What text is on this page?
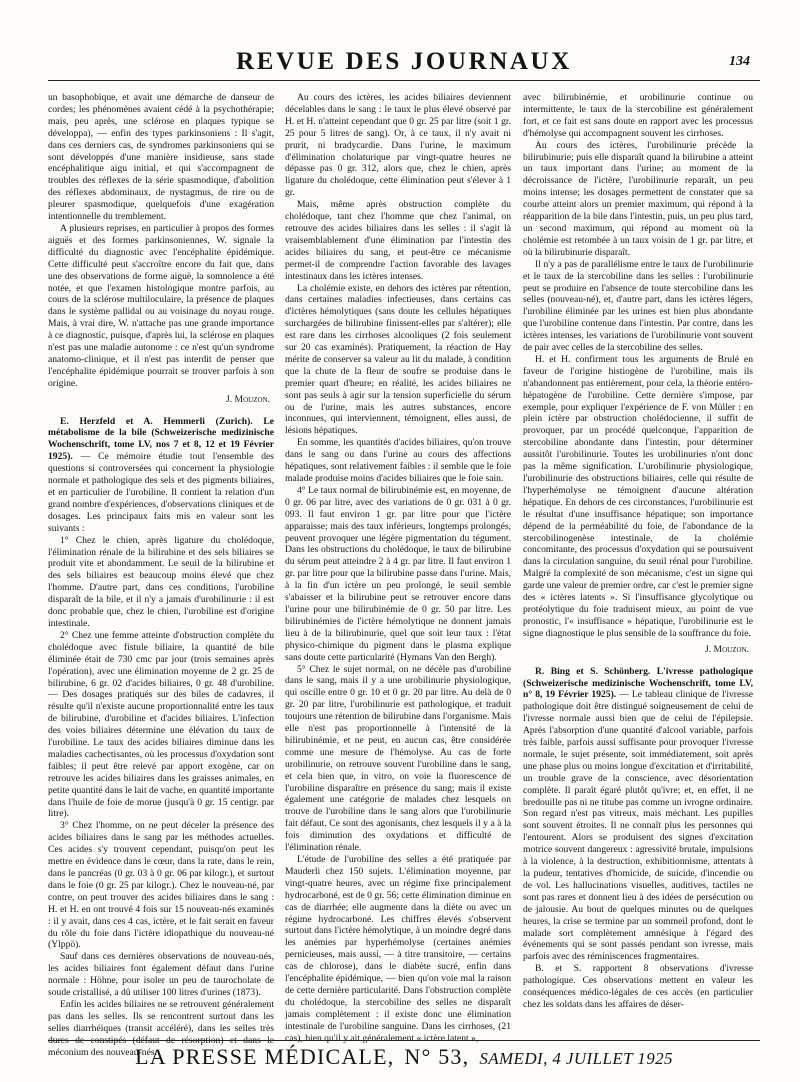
REVUE DES JOURNAUX	134

un basophobique, et avait une démarche de danseur de cordes; les phénomènes avaient cédé à la psychothérapie; mais, peu après, une sclérose en plaques typique se développa), — enfin des types parkinsoniens : Il s'agit, dans ces derniers cas, de syndromes parkinsoniens qui se sont développés d'une manière insidieuse, sans stade encéphalitique aigu initial, et qui s'accompagnent de troubles des réflexes de la série spasmodique, d'abolition des réflexes abdominaux, de nystagmus, de rire ou de pleurer spasmodique, quelquefois d'une exagération intentionnelle du tremblement.

A plusieurs reprises, en particulier à propos des formes aiguës et des formes parkinsoniennes, W. signale la difficulté du diagnostic avec l'encéphalite épidémique. Cette difficulté peut s'accroître encore du fait que, dans une des observations de forme aiguë, la somnolence a été notée, et que l'examen histologique montre parfois, au cours de la sclérose multiloculaire, la présence de plaques dans le système pallidal ou au voisinage du noyau rouge. Mais, à vrai dire, W. n'attache pas une grande importance à ce diagnostic, puisque, d'après lui, la sclérose en plaques n'est pas une maladie autonome : ce n'est qu'un syndrome anatomo-clinique, et il n'est pas interdit de penser que l'encéphalite épidémique pourrait se trouver parfois à son origine.

J. Mouzon.

E. Herzfeld et A. Hemmerli (Zurich). Le métabolisme de la bile (Schweizerische medizinische Wochenschrift, tome LV, nos 7 et 8, 12 et 19 Février 1925). — Ce mémoire étudie tout l'ensemble des questions si controversées qui concernent la physiologie normale et pathologique des sels et des pigments biliaires, et en particulier de l'urobiline. Il contient la relation d'un grand nombre d'expériences, d'observations cliniques et de dosages. Les principaux faits mis en valeur sont les suivants :

1° Chez le chien, après ligature du cholédoque, l'élimination rénale de la bilirubine et des sels biliaires se produit vite et abondamment. Le seuil de la bilirubine et des sels biliaires est beaucoup moins élevé que chez l'homme. D'autre part, dans ces conditions, l'urobiline disparaît de la bile, et il n'y a jamais d'urobilinurie : il est donc probable que, chez le chien, l'urobiline est d'origine intestinale.

2° Chez une femme atteinte d'obstruction complète du cholédoque avec fistule biliaire, la quantité de bile éliminée était de 730 cmc par jour (trois semaines après l'opération), avec une élimination moyenne de 2 gr. 25 de bilirubine, 6 gr. 02 d'acides biliaires, 0 gr. 48 d'urobiline. — Des dosages pratiqués sur des biles de cadavres, il résulte qu'il n'existe aucune proportionnalité entre les taux de bilirubine, d'urobiline et d'acides biliaires. L'infection des voies biliaires détermine une élévation du taux de l'urobiline. Le taux des acides biliaires diminue dans les maladies cachectisantes, où les processus d'oxydation sont faibles; il peut être relevé par apport exogène, car on retrouve les acides biliaires dans les graisses animales, en petite quantité dans le lait de vache, en quantité importante dans l'huile de foie de morue (jusqu'à 0 gr. 15 centigr. par litre).

3° Chez l'homme, on ne peut déceler la présence des acides biliaires dans le sang par les méthodes actuelles. Ces acides s'y trouvent cependant, puisqu'on peut les mettre en évidence dans le cœur, dans la rate, dans le rein, dans le pancréas (0 gr. 03 à 0 gr. 06 par kilogr.), et surtout dans le foie (0 gr. 25 par kilogr.). Chez le nouveau-né, par contre, on peut trouver des acides biliaires dans le sang : H. et H. en ont trouvé 4 fois sur 15 nouveau-nés examinés : il y avait, dans ces 4 cas, ictère, et le fait serait en faveur du rôle du foie dans l'ictère idiopathique du nouveau-né (Ylppö).

Sauf dans ces dernières observations de nouveau-nés, les acides biliaires font également défaut dans l'urine normale : Höhne, pour isoler un peu de taurocholate de soude cristallisé, a dû utiliser 100 litres d'urines (1873).

Enfin les acides biliaires ne se retrouvent généralement pas dans les selles. Ils se rencontrent surtout dans les selles diarrhéiques (transit accéléré), dans les selles très dures de constipés (défaut de résorption) et dans le méconium des nouveau-nés.

Au cours des ictères, les acides biliaires deviennent décelables dans le sang : le taux le plus élevé observé par H. et H. n'atteint cependant que 0 gr. 25 par litre (soit 1 gr. 25 pour 5 litres de sang). Or, à ce taux, il n'y avait ni prurit, ni bradycardie. Dans l'urine, le maximum d'élimination cholaturique par vingt-quatre heures ne dépasse pas 0 gr. 312, alors que, chez le chien, après ligature du cholédoque, cette élimination peut s'élever à 1 gr.

Mais, même après obstruction complète du cholédoque, tant chez l'homme que chez l'animal, on retrouve des acides biliaires dans les selles : il s'agit là vraisemblablement d'une élimination par l'intestin des acides biliaires du sang, et peut-être ce mécanisme permet-il de comprendre l'action favorable des lavages intestinaux dans les ictères intenses.

La cholémie existe, en dehors des ictères par rétention, dans certaines maladies infectieuses, dans certains cas d'ictères hémolytiques (sans doute les cellules hépatiques surchargées de bilirubine finissent-elles par s'altérer); elle est rare dans les cirrhoses alcooliques (2 fois seulement sur 20 cas examinés). Pratiquement, la réaction de Hay mérite de conserver sa valeur au lit du malade, à condition que la chute de la fleur de soufre se produise dans le premier quart d'heure; en réalité, les acides biliaires ne sont pas seuls à agir sur la tension superficielle du sérum ou de l'urine, mais les autres substances, encore inconnues, qui interviennent, témoignent, elles aussi, de lésions hépatiques.

En somme, les quantités d'acides biliaires, qu'on trouve dans le sang ou dans l'urine au cours des affections hépatiques, sont relativement faibles : il semble que le foie malade produise moins d'acides biliaires que le foie sain.

4° Le taux normal de bilirubinémie est, en moyenne, de 0 gr. 06 par litre, avec des variations de 0 gr. 031 à 0 gr. 093. Il faut environ 1 gr. par litre pour que l'ictère apparaisse; mais des taux inférieurs, longtemps prolongés, peuvent provoquer une légère pigmentation du tégument. Dans les obstructions du cholédoque, le taux de bilirubine du sérum peut atteindre 2 à 4 gr. par litre. Il faut environ 1 gr. par litre pour que la bilirubine passe dans l'urine. Mais, à la fin d'un ictère un peu prolongé, le seuil semble s'abaisser et la bilirubine peut se retrouver encore dans l'urine pour une bilirubinémie de 0 gr. 50 par litre. Les bilirubinémies de l'ictère hémolytique ne donnent jamais lieu à de la bilirubinurie, quel que soit leur taux : l'état physico-chimique du pigment dans le plasma explique sans doute cette particularité (Hymans Van den Bergh).

5° Chez le sujet normal, on ne décèle pas d'urobiline dans le sang, mais il y a une urobilinurie physiologique, qui oscille entre 0 gr. 10 et 0 gr. 20 par litre. Au delà de 0 gr. 20 par litre, l'urobilinurie est pathologique, et traduit toujours une rétention de bilirubine dans l'organisme. Mais elle n'est pas proportionnelle à l'intensité de la bilirubinémie, et ne peut, en aucun cas, être considérée comme une mesure de l'hémolyse. Au cas de forte urobilinurie, on retrouve souvent l'urobiline dans le sang, et cela bien que, in vitro, on voie la fluorescence de l'urobiline disparaître en présence du sang; mais il existe également une catégorie de malades chez lesquels on trouve de l'urobiline dans le sang alors que l'urobilinurie fait défaut. Ce sont des agonisants, chez lesquels il y a à la fois diminution des oxydations et difficulté de l'élimination rénale.

L'étude de l'urobiline des selles a été pratiquée par Mauderli chez 150 sujets. L'élimination moyenne, par vingt-quatre heures, avec un régime fixe principalement hydrocarboné, est de 0 gr. 56; cette élimination diminue en cas de diarrhée; elle augmente dans la diète ou avec un régime hydrocarboné. Les chiffres élevés s'observent surtout dans l'ictère hémolytique, à un moindre degré dans les anémies par hyperhémolyse (certaines anémies pernicieuses, mais aussi, — à titre transitoire, — certains cas de chlorose), dans le diabète sucré, enfin dans l'encéphalite épidémique, — bien qu'on voie mal la raison de cette dernière particularité. Dans l'obstruction complète du cholédoque, la stercobiline des selles ne disparaît jamais complètement : il existe donc une élimination intestinale de l'urobiline sanguine. Dans les cirrhoses, (21 cas), bien qu'il y ait généralement « ictère latent »,

avec bilirubinémie, et urobilinurie continue ou intermittente, le taux de la stercobiline est généralement fort, et ce fait est sans doute en rapport avec les processus d'hémolyse qui accompagnent souvent les cirrhoses.

Au cours des ictères, l'urobilinurie précède la bilirubinurie; puis elle disparaît quand la bilirubine a atteint un taux important dans l'urine; au moment de la décroissance de l'ictère, l'urobilinurie reparaît, un peu moins intense; les dosages permettent de constater que sa courbe atteint alors un premier maximum, qui répond à la réapparition de la bile dans l'intestin, puis, un peu plus tard, un second maximum, qui répond au moment où la cholémie est retombée à un taux voisin de 1 gr. par litre, et où la bilirubinurie disparaît.

Il n'y a pas de parallélisme entre le taux de l'urobilinurie et le taux de la stercobiline dans les selles : l'urobilinurie peut se produire en l'absence de toute stercobiline dans les selles (nouveau-né), et, d'autre part, dans les ictères légers, l'urobiline éliminée par les urines est bien plus abondante que l'urobiline contenue dans l'intestin. Par contre, dans les ictères intenses, les variations de l'urobilinurie vont souvent de pair avec celles de la stercobiline des selles.

H. et H. confirment tous les arguments de Brulé en faveur de l'origine histiogène de l'urobiline, mais ils n'abandonnent pas entièrement, pour cela, la théorie entéro-hépatogène de l'urobiline. Cette dernière s'impose, par exemple, pour expliquer l'expérience de F. von Müller : en plein ictère par obstruction cholédocienne, il suffit de provoquer, par un procédé quelconque, l'apparition de stercobiline abondante dans l'intestin, pour déterminer aussitôt l'urobilinurie. Toutes les urobilinuries n'ont donc pas la même signification. L'urobilinurie physiologique, l'urobilinurie des obstructions biliaires, celle qui résulte de l'hyperhémolyse ne témoignent d'aucune altération hépatique. En dehors de ces circonstances, l'urobilinurie est le résultat d'une insuffisance hépatique; son importance dépend de la perméabilité du foie, de l'abondance de la stercobilinogenèse intestinale, de la cholémie concomitante, des processus d'oxydation qui se poursuivent dans la circulation sanguine, du seuil rénal pour l'urobiline. Malgré la complexité de son mécanisme, c'est un signe qui garde une valeur de premier ordre, car c'est le premier signe des « ictères latents ». Si l'insuffisance glycolytique ou protéolytique du foie traduisent mieux, au point de vue pronostic, l'« insuffisance » hépatique, l'urobilinurie est le signe diagnostique le plus sensible de la souffrance du foie.

J. Mouzon.

R. Bing et S. Schönberg. L'ivresse pathologique (Schweizerische medizinische Wochenschrift, tome LV, n° 8, 19 Février 1925). — Le tableau clinique de l'ivresse pathologique doit être distingué soigneusement de celui de l'ivresse normale aussi bien que de celui de l'épilepsie. Après l'absorption d'une quantité d'alcool variable, parfois très faible, parfois aussi suffisante pour provoquer l'ivresse normale, le sujet présente, soit immédiatement, soit après une phase plus ou moins longue d'excitation et d'irritabilité, un trouble grave de la conscience, avec désorientation complète. Il paraît égaré plutôt qu'ivre; et, en effet, il ne bredouille pas ni ne titube pas comme un ivrogne ordinaire. Son regard n'est pas vitreux, mais méchant. Les pupilles sont souvent étroites. Il ne connaît plus les personnes qui l'entourent. Alors se produisent des signes d'excitation motrice souvent dangereux : agressivité brutale, impulsions à la violence, à la destruction, exhibitionnisme, attentats à la pudeur, tentatives d'homicide, de suicide, d'incendie ou de vol. Les hallucinations visuelles, auditives, tactiles ne sont pas rares et donnent lieu à des idées de persécution ou de jalousie. Au bout de quelques minutes ou de quelques heures, la crise se termine par un sommeil profond, dont le malade sort complètement amnésique à l'égard des événements qui se sont passés pendant son ivresse, mais parfois avec des réminiscences fragmentaires.

B. et S. rapportent 8 observations d'ivresse pathologique. Ces observations mettent en valeur les conséquences médico-légales de ces accès (en particulier chez les soldats dans les affaires de déser-

LA PRESSE MÉDICALE, N° 53, SAMEDI, 4 JUILLET 1925
